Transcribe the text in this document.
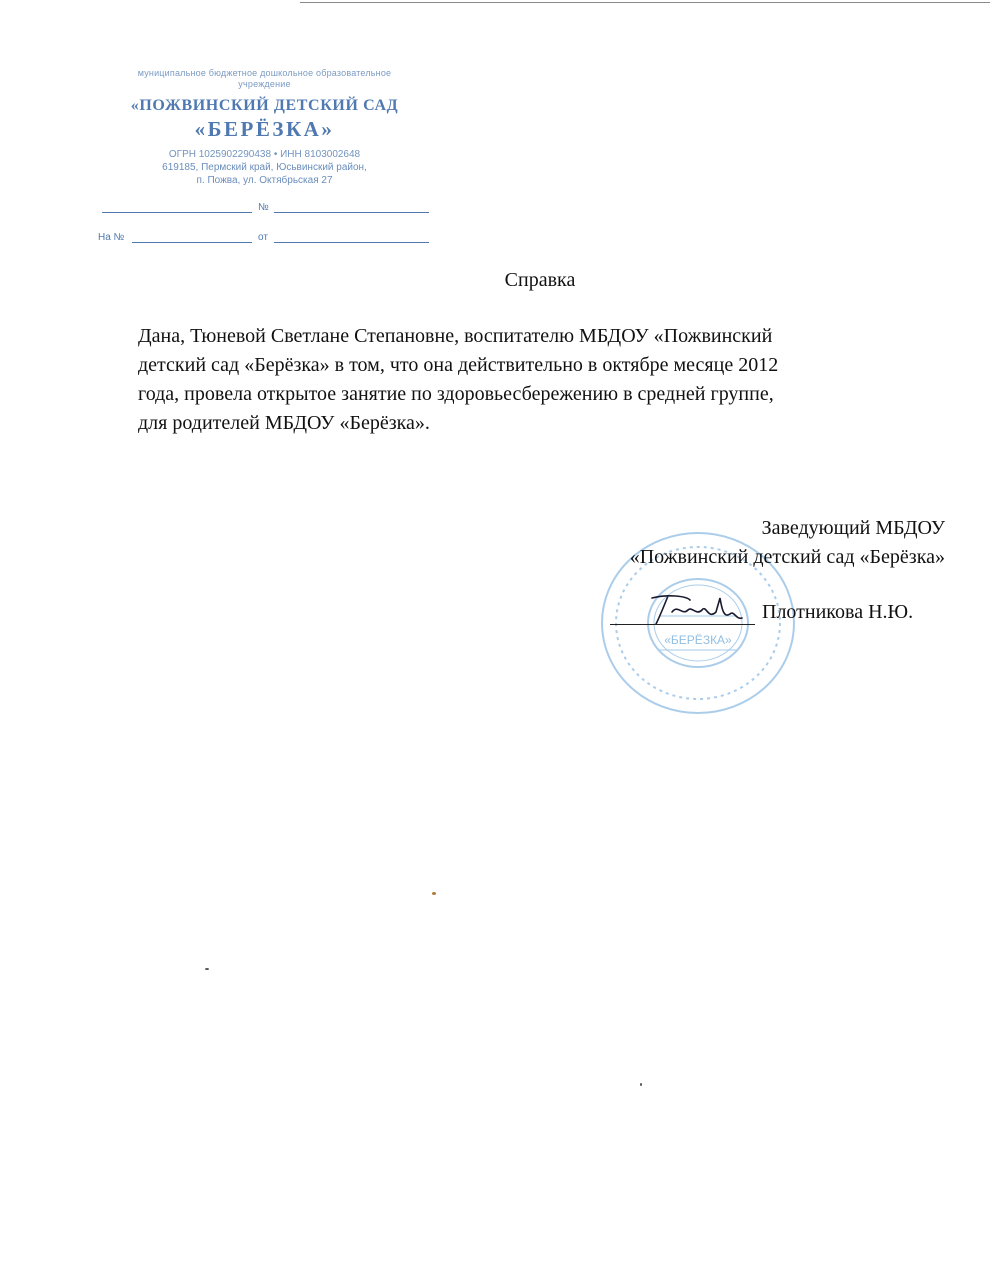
муниципальное бюджетное дошкольное образовательное
учреждение
«ПОЖВИНСКИЙ ДЕТСКИЙ САД
«БЕРЁЗКА»
ОГРН 1025902290438 • ИНН 8103002648
619185, Пермский край, Юсьвинский район,
п. Пожва, ул. Октябрьская 27
№
На №	от
Справка
Дана, Тюневой Светлане Степановне, воспитателю МБДОУ «Пожвинский
детский сад «Берёзка» в том, что она действительно в октябре месяце 2012
года, провела открытое занятие по здоровьесбережению в средней группе,
для родителей МБДОУ «Берёзка».
«БЕРЁЗКА»
Заведующий МБДОУ
«Пожвинский детский сад «Берёзка»
Плотникова Н.Ю.
